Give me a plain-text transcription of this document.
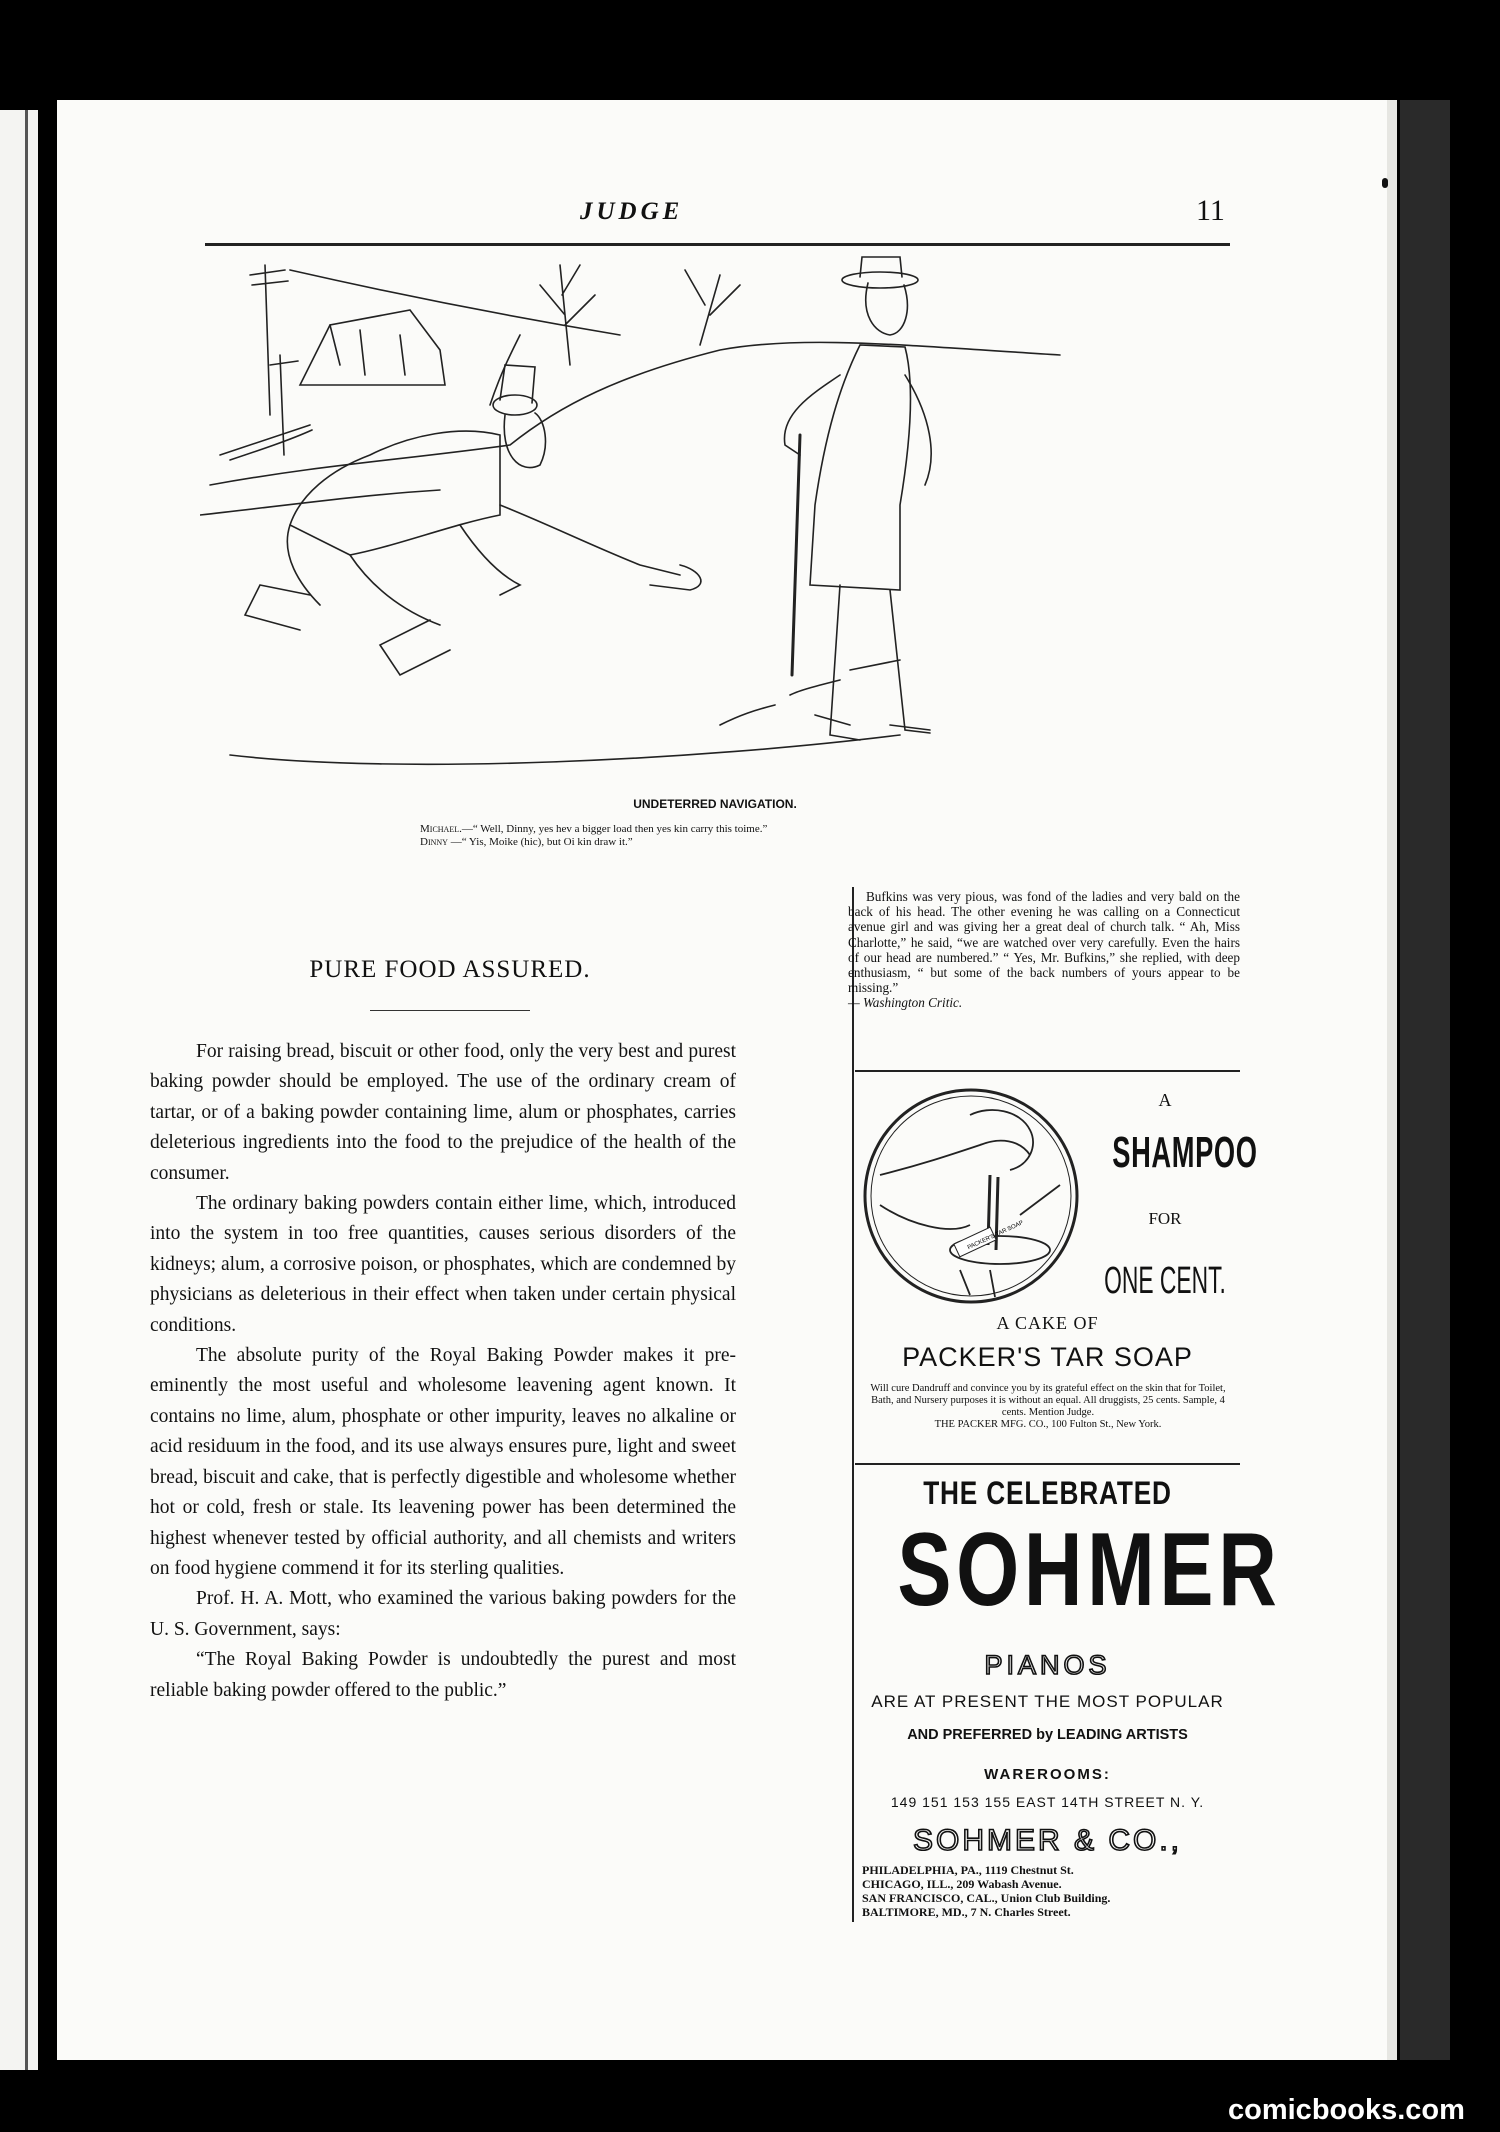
JUDGE	11
UNDETERRED NAVIGATION.
Michael.—“ Well, Dinny, yes hev a bigger load then yes kin carry this toime.”
Dinny —“ Yis, Moike (hic), but Oi kin draw it.”
PURE FOOD ASSURED.

For raising bread, biscuit or other food, only the very best and purest baking powder should be employed. The use of the ordinary cream of tartar, or of a baking powder containing lime, alum or phosphates, carries deleterious ingredients into the food to the prejudice of the health of the consumer.

The ordinary baking powders contain either lime, which, introduced into the system in too free quantities, causes serious disorders of the kidneys; alum, a corrosive poison, or phosphates, which are condemned by physicians as deleterious in their effect when taken under certain physical conditions.

The absolute purity of the Royal Baking Powder makes it pre-eminently the most useful and wholesome leavening agent known. It contains no lime, alum, phosphate or other impurity, leaves no alkaline or acid residuum in the food, and its use always ensures pure, light and sweet bread, biscuit and cake, that is perfectly digestible and wholesome whether hot or cold, fresh or stale. Its leavening power has been determined the highest whenever tested by official authority, and all chemists and writers on food hygiene commend it for its sterling qualities.

Prof. H. A. Mott, who examined the various baking powders for the U. S. Government, says:

“The Royal Baking Powder is undoubtedly the purest and most reliable baking powder offered to the public.”

Bufkins was very pious, was fond of the ladies and very bald on the back of his head. The other evening he was calling on a Connecticut avenue girl and was giving her a great deal of church talk. “ Ah, Miss Charlotte,” he said, “we are watched over very carefully. Even the hairs of our head are numbered.” “ Yes, Mr. Bufkins,” she replied, with deep enthusiasm, “ but some of the back numbers of yours appear to be missing.”
— Washington Critic.

PACKER'S TAR SOAP
A
SHAMPOO
FOR
ONE CENT.
A CAKE OF
PACKER'S TAR SOAP
Will cure Dandruff and convince you by its grateful effect on the skin that for Toilet, Bath, and Nursery purposes it is without an equal. All druggists, 25 cents. Sample, 4 cents. Mention Judge.
THE PACKER MFG. CO., 100 Fulton St., New York.
THE CELEBRATED
SOHMER
PIANOS
ARE AT PRESENT THE MOST POPULAR
AND PREFERRED by LEADING ARTISTS
WAREROOMS:
149 151 153 155 EAST 14TH STREET N. Y.
SOHMER & CO.,
PHILADELPHIA, PA., 1119 Chestnut St.
CHICAGO, ILL., 209 Wabash Avenue.
SAN FRANCISCO, CAL., Union Club Building.
BALTIMORE, MD., 7 N. Charles Street.
comicbooks.com
